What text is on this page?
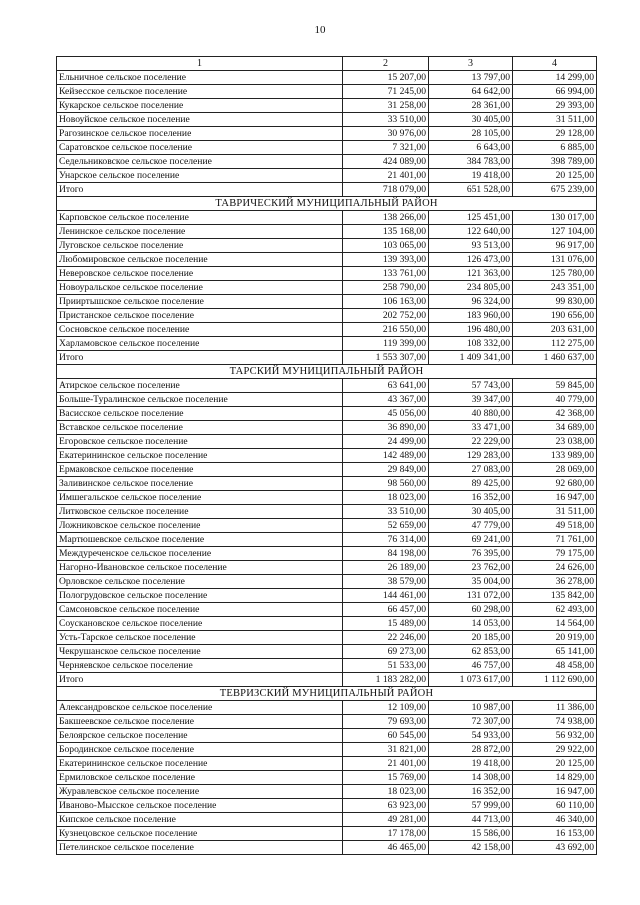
10
1	2	3	4
Ельничное сельское поселение	15 207,00	13 797,00	14 299,00
Кейзесское сельское поселение	71 245,00	64 642,00	66 994,00
Кукарское сельское поселение	31 258,00	28 361,00	29 393,00
Новоуйское сельское поселение	33 510,00	30 405,00	31 511,00
Рагозинское сельское поселение	30 976,00	28 105,00	29 128,00
Саратовское сельское поселение	7 321,00	6 643,00	6 885,00
Седельниковское сельское поселение	424 089,00	384 783,00	398 789,00
Унарское сельское поселение	21 401,00	19 418,00	20 125,00
Итого	718 079,00	651 528,00	675 239,00
ТАВРИЧЕСКИЙ МУНИЦИПАЛЬНЫЙ РАЙОН			
Карповское сельское поселение	138 266,00	125 451,00	130 017,00
Ленинское сельское поселение	135 168,00	122 640,00	127 104,00
Луговское сельское поселение	103 065,00	93 513,00	96 917,00
Любомировское сельское поселение	139 393,00	126 473,00	131 076,00
Неверовское сельское поселение	133 761,00	121 363,00	125 780,00
Новоуральское сельское поселение	258 790,00	234 805,00	243 351,00
Прииртышское сельское поселение	106 163,00	96 324,00	99 830,00
Пристанское сельское поселение	202 752,00	183 960,00	190 656,00
Сосновское сельское поселение	216 550,00	196 480,00	203 631,00
Харламовское сельское поселение	119 399,00	108 332,00	112 275,00
Итого	1 553 307,00	1 409 341,00	1 460 637,00
ТАРСКИЙ МУНИЦИПАЛЬНЫЙ РАЙОН			
Атирское сельское поселение	63 641,00	57 743,00	59 845,00
Больше-Туралинское сельское поселение	43 367,00	39 347,00	40 779,00
Васисское сельское поселение	45 056,00	40 880,00	42 368,00
Вставское сельское поселение	36 890,00	33 471,00	34 689,00
Егоровское сельское поселение	24 499,00	22 229,00	23 038,00
Екатерининское сельское поселение	142 489,00	129 283,00	133 989,00
Ермаковское сельское поселение	29 849,00	27 083,00	28 069,00
Заливинское сельское поселение	98 560,00	89 425,00	92 680,00
Имшегальское сельское поселение	18 023,00	16 352,00	16 947,00
Литковское сельское поселение	33 510,00	30 405,00	31 511,00
Ложниковское сельское поселение	52 659,00	47 779,00	49 518,00
Мартюшевское сельское поселение	76 314,00	69 241,00	71 761,00
Междуреченское сельское поселение	84 198,00	76 395,00	79 175,00
Нагорно-Ивановское сельское поселение	26 189,00	23 762,00	24 626,00
Орловское сельское поселение	38 579,00	35 004,00	36 278,00
Пологрудовское сельское поселение	144 461,00	131 072,00	135 842,00
Самсоновское сельское поселение	66 457,00	60 298,00	62 493,00
Соускановское сельское поселение	15 489,00	14 053,00	14 564,00
Усть-Тарское сельское поселение	22 246,00	20 185,00	20 919,00
Чекрушанское сельское поселение	69 273,00	62 853,00	65 141,00
Черняевское сельское поселение	51 533,00	46 757,00	48 458,00
Итого	1 183 282,00	1 073 617,00	1 112 690,00
ТЕВРИЗСКИЙ МУНИЦИПАЛЬНЫЙ РАЙОН			
Александровское сельское поселение	12 109,00	10 987,00	11 386,00
Бакшеевское сельское поселение	79 693,00	72 307,00	74 938,00
Белоярское сельское поселение	60 545,00	54 933,00	56 932,00
Бородинское сельское поселение	31 821,00	28 872,00	29 922,00
Екатерининское сельское поселение	21 401,00	19 418,00	20 125,00
Ермиловское сельское поселение	15 769,00	14 308,00	14 829,00
Журавлевское сельское поселение	18 023,00	16 352,00	16 947,00
Иваново-Мысское сельское поселение	63 923,00	57 999,00	60 110,00
Кипское сельское поселение	49 281,00	44 713,00	46 340,00
Кузнецовское сельское поселение	17 178,00	15 586,00	16 153,00
Петелинское сельское поселение	46 465,00	42 158,00	43 692,00
